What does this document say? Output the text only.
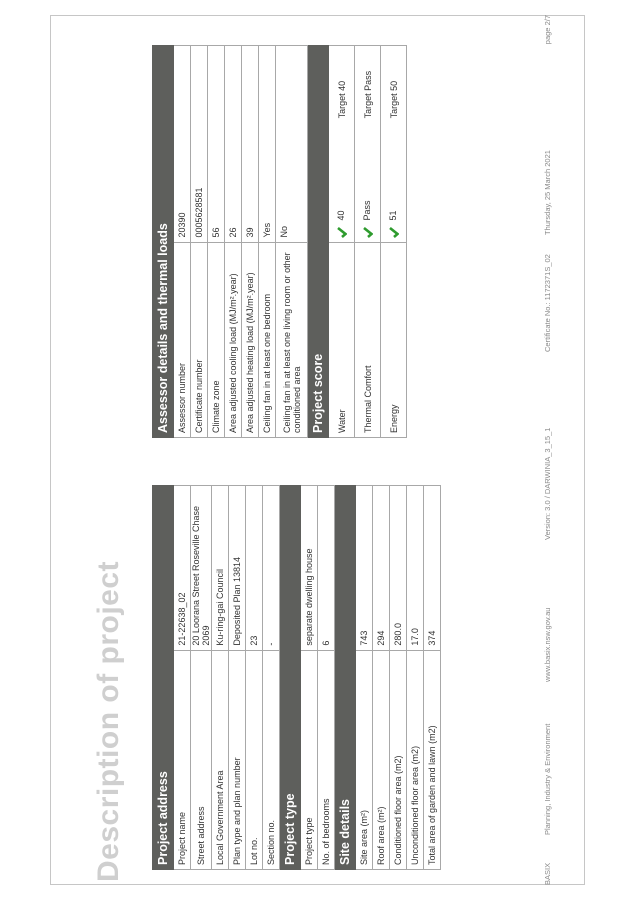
Description of project Project address	
Project name	21-22638_02
Street address	20 Loorana Street Roseville Chase 2069
Local Government Area	Ku-ring-gai Council
Plan type and plan number	Deposited Plan 13814
Lot no.	23
Section no.	-
Project type	
Project type	separate dwelling house
No. of bedrooms	6
Site details	
Site area (m²)	743
Roof area (m²)	294
Conditioned floor area (m2)	280.0
Unconditioned floor area (m2)	17.0
Total area of garden and lawn (m2)	374
Assessor details and thermal loads		
Assessor number	20390	
Certificate number	0005628581	
Climate zone	56	
Area adjusted cooling load (MJ/m².year)	26	
Area adjusted heating load (MJ/m².year)	39	
Ceiling fan in at least one bedroom	Yes	
Ceiling fan in at least one living room or other conditioned area	No	
Project score		
Water	40	Target 40
Thermal Comfort	Pass	Target Pass
Energy	51	Target 50
BASIX
Planning, Industry & Environment
www.basix.nsw.gov.au
Version: 3.0 / DARWINIA_3_15_1
Certificate No.: 1172371S_02
Thursday, 25 March 2021
page 2/7
